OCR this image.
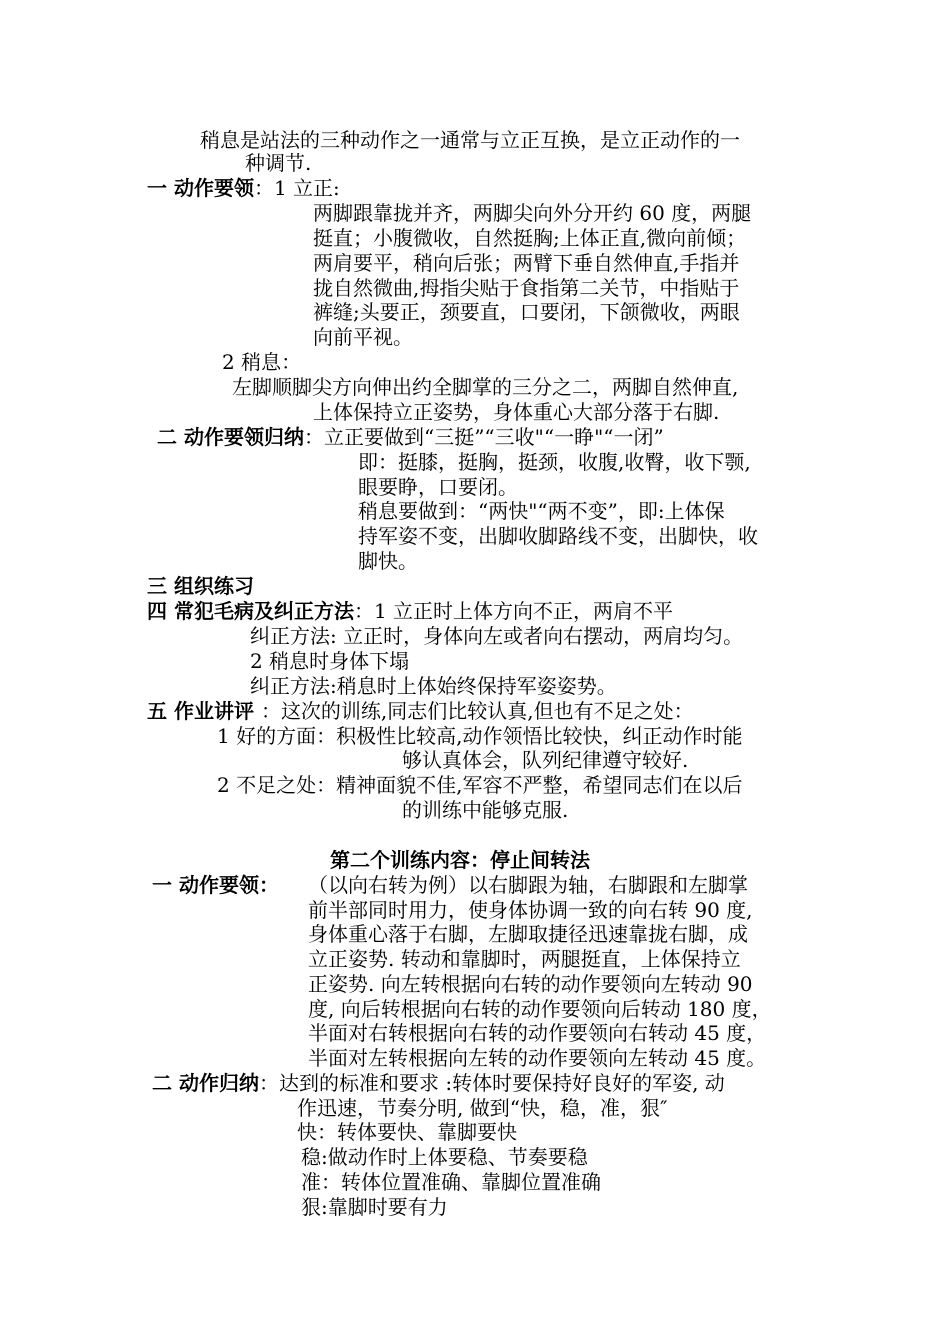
稍息是站法的三种动作之一通常与立正互换，是立正动作的一
种调节.
一 动作要领：1 立正:
两脚跟靠拢并齐，两脚尖向外分开约 60 度，两腿
挺直；小腹微收，自然挺胸;上体正直,微向前倾；
两肩要平，稍向后张；两臂下垂自然伸直,手指并
拢自然微曲,拇指尖贴于食指第二关节，中指贴于
裤缝;头要正，颈要直，口要闭，下颌微收，两眼
向前平视。
2 稍息：
左脚顺脚尖方向伸出约全脚掌的三分之二，两脚自然伸直,
上体保持立正姿势，身体重心大部分落于右脚.
二 动作要领归纳：立正要做到“三挺”“三收"“一睁"“一闭”
即：挺膝，挺胸，挺颈，收腹,收臀，收下颚,
眼要睁，口要闭。
稍息要做到：“两快"“两不变”，即:上体保
持军姿不变，出脚收脚路线不变，出脚快，收
脚快。
三 组织练习
四 常犯毛病及纠正方法：1 立正时上体方向不正，两肩不平
纠正方法: 立正时，身体向左或者向右摆动，两肩均匀。
2 稍息时身体下塌
纠正方法:稍息时上体始终保持军姿姿势。
五 作业讲评 ：这次的训练,同志们比较认真,但也有不足之处：
1 好的方面：积极性比较高,动作领悟比较快，纠正动作时能
够认真体会，队列纪律遵守较好.
2 不足之处：精神面貌不佳,军容不严整，希望同志们在以后
的训练中能够克服.
第二个训练内容：停止间转法
一 动作要领： （以向右转为例）以右脚跟为轴，右脚跟和左脚掌
前半部同时用力，使身体协调一致的向右转 90 度,
身体重心落于右脚，左脚取捷径迅速靠拢右脚，成
立正姿势. 转动和靠脚时，两腿挺直，上体保持立
正姿势. 向左转根据向右转的动作要领向左转动 90
度, 向后转根据向右转的动作要领向后转动 180 度，
半面对右转根据向右转的动作要领向右转动 45 度，
半面对左转根据向左转的动作要领向左转动 45 度。
二 动作归纳：达到的标准和要求 :转体时要保持好良好的军姿, 动
作迅速，节奏分明, 做到“快，稳，准，狠″
快：转体要快、靠脚要快
稳:做动作时上体要稳、节奏要稳
准：转体位置准确、靠脚位置准确
狠:靠脚时要有力
